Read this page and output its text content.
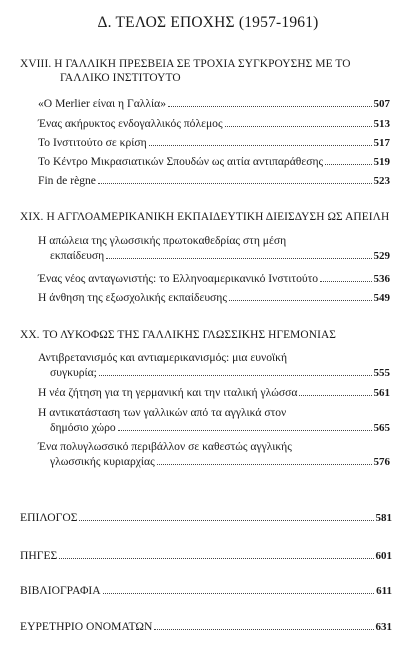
Δ. ΤΕΛΟΣ ΕΠΟΧΗΣ (1957-1961)
XVIII. Η ΓΑΛΛΙΚΗ ΠΡΕΣΒΕΙΑ ΣΕ ΤΡΟΧΙΑ ΣΥΓΚΡΟΥΣΗΣ ΜΕ ΤΟ
ΓΑΛΛΙΚΟ ΙΝΣΤΙΤΟΥΤΟ
«Ο Merlier είναι η Γαλλία»	507
Ένας ακήρυκτος ενδογαλλικός πόλεμος	513
Το Ινστιτούτο σε κρίση	517
Το Κέντρο Μικρασιατικών Σπουδών ως αιτία αντιπαράθεσης	519
Fin de règne	523
XIX. Η ΑΓΓΛΟΑΜΕΡΙΚΑΝΙΚΗ ΕΚΠΑΙΔΕΥΤΙΚΗ ΔΙΕΙΣΔΥΣΗ ΩΣ ΑΠΕΙΛΗ
Η απώλεια της γλωσσικής πρωτοκαθεδρίας στη μέση
εκπαίδευση	529
Ένας νέος ανταγωνιστής: το Ελληνοαμερικανικό Ινστιτούτο	536
Η άνθηση της εξωσχολικής εκπαίδευσης	549
XX. ΤΟ ΛΥΚΟΦΩΣ ΤΗΣ ΓΑΛΛΙΚΗΣ ΓΛΩΣΣΙΚΗΣ ΗΓΕΜΟΝΙΑΣ
Αντιβρετανισμός και αντιαμερικανισμός: μια ευνοϊκή
συγκυρία;	555
Η νέα ζήτηση για τη γερμανική και την ιταλική γλώσσα	561
Η αντικατάσταση των γαλλικών από τα αγγλικά στον
δημόσιο χώρο	565
Ένα πολυγλωσσικό περιβάλλον σε καθεστώς αγγλικής
γλωσσικής κυριαρχίας	576
ΕΠΙΛΟΓΟΣ	581
ΠΗΓΕΣ	601
ΒΙΒΛΙΟΓΡΑΦΙΑ	611
ΕΥΡΕΤΗΡΙΟ ΟΝΟΜΑΤΩΝ	631
